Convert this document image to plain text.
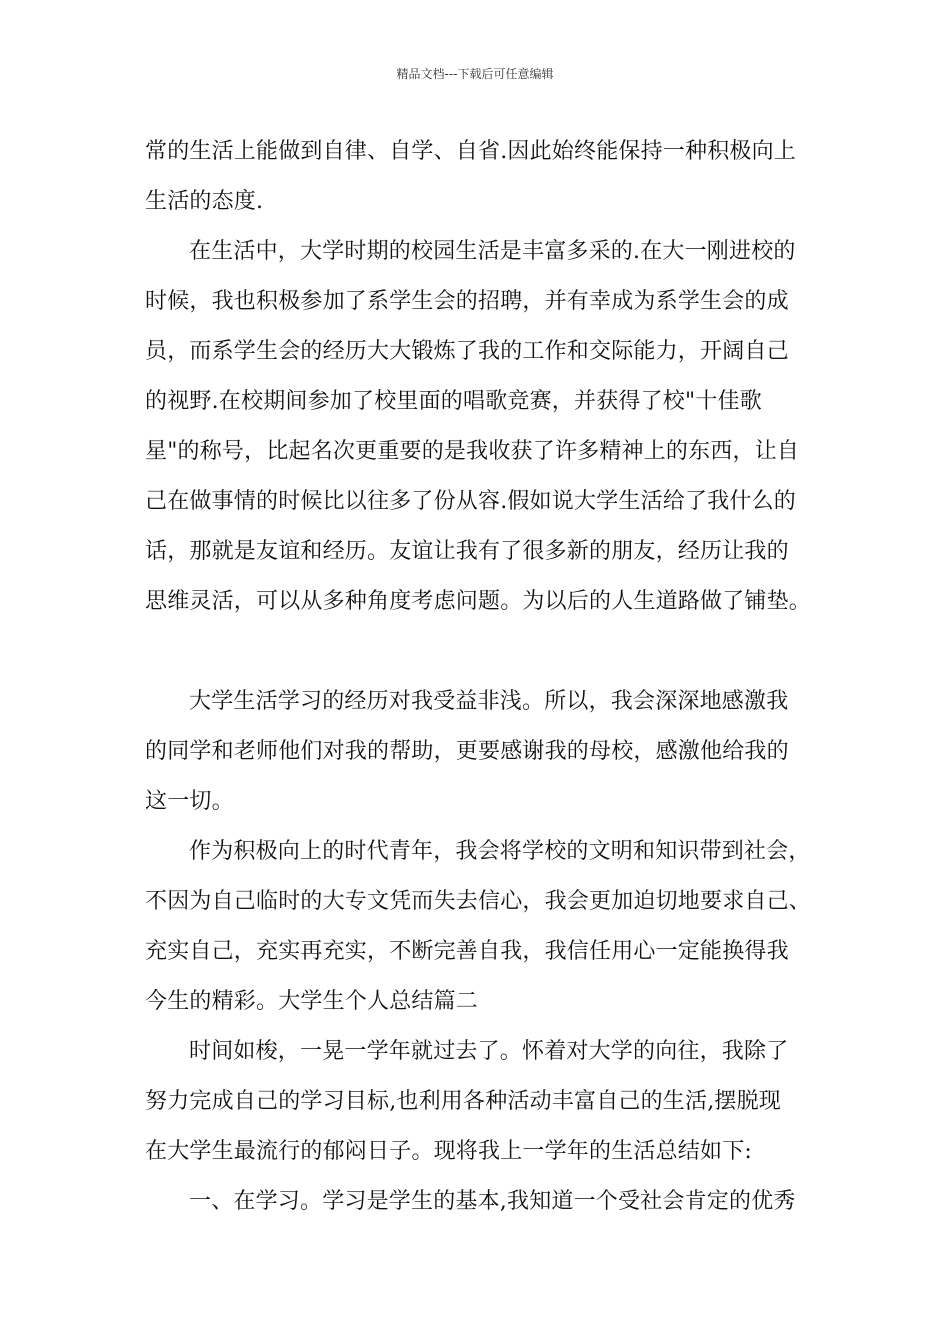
精品文档---下载后可任意编辑
常的生活上能做到自律、自学、自省.因此始终能保持一种积极向上
生活的态度.
在生活中，大学时期的校园生活是丰富多采的.在大一刚进校的
时候，我也积极参加了系学生会的招聘，并有幸成为系学生会的成
员，而系学生会的经历大大锻炼了我的工作和交际能力，开阔自己
的视野.在校期间参加了校里面的唱歌竞赛，并获得了校"十佳歌
星"的称号，比起名次更重要的是我收获了许多精神上的东西，让自
己在做事情的时候比以往多了份从容.假如说大学生活给了我什么的
话，那就是友谊和经历。友谊让我有了很多新的朋友，经历让我的
思维灵活，可以从多种角度考虑问题。为以后的人生道路做了铺垫。
大学生活学习的经历对我受益非浅。所以，我会深深地感激我
的同学和老师他们对我的帮助，更要感谢我的母校，感激他给我的
这一切。
作为积极向上的时代青年，我会将学校的文明和知识带到社会，
不因为自己临时的大专文凭而失去信心，我会更加迫切地要求自己、
充实自己，充实再充实，不断完善自我，我信任用心一定能换得我
今生的精彩。大学生个人总结篇二
时间如梭，一晃一学年就过去了。怀着对大学的向往，我除了
努力完成自己的学习目标,也利用各种活动丰富自己的生活,摆脱现
在大学生最流行的郁闷日子。现将我上一学年的生活总结如下:
一、在学习。学习是学生的基本,我知道一个受社会肯定的优秀
